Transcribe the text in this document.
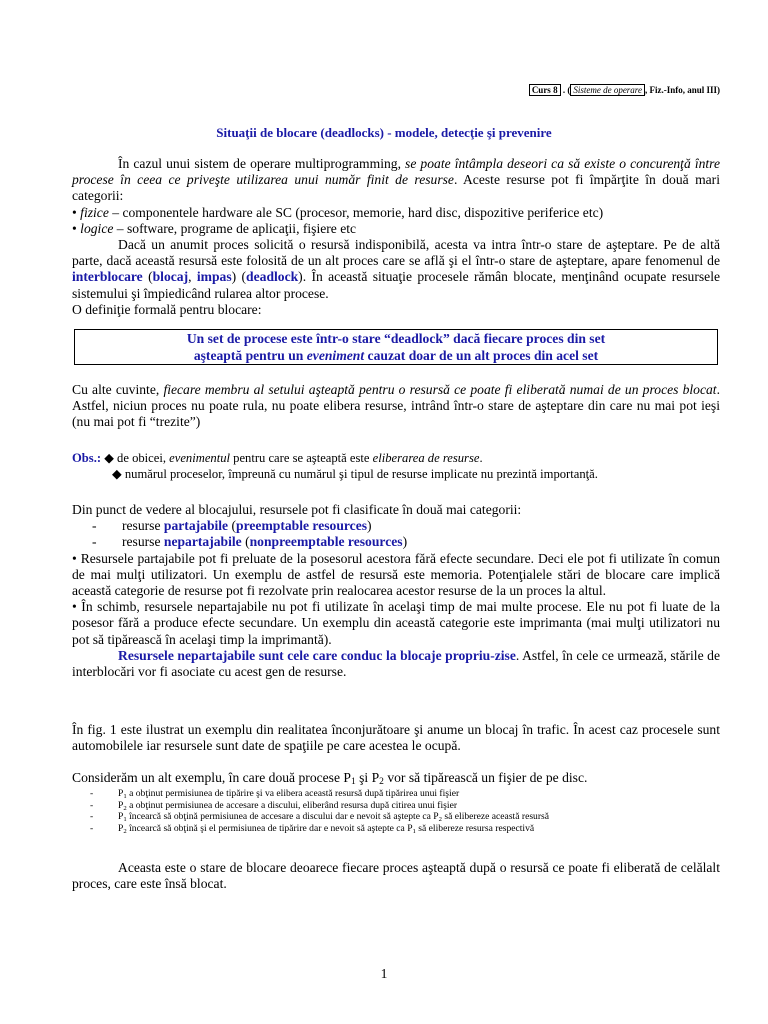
Curs 8 . ( Sisteme de operare , Fiz.-Info, anul III)
Situaţii de blocare (deadlocks) - modele, detecţie şi prevenire
În cazul unui sistem de operare multiprogramming, se poate întâmpla deseori ca să existe o concurenţă între procese în ceea ce priveşte utilizarea unui număr finit de resurse. Aceste resurse pot fi împărţite în două mari categorii:
• fizice – componentele hardware ale SC (procesor, memorie, hard disc, dispozitive periferice etc)
• logice – software, programe de aplicaţii, fişiere etc
Dacă un anumit proces solicită o resursă indisponibilă, acesta va intra într-o stare de aşteptare. Pe de altă parte, dacă această resursă este folosită de un alt proces care se află şi el într-o stare de aşteptare, apare fenomenul de interblocare (blocaj, impas) (deadlock). În această situaţie procesele rămân blocate, menţinând ocupate resursele sistemului şi împiedicând rularea altor procese.
O definiţie formală pentru blocare:
Un set de procese este într-o stare “deadlock” dacă fiecare proces din set
aşteaptă pentru un eveniment cauzat doar de un alt proces din acel set
Cu alte cuvinte, fiecare membru al setului aşteaptă pentru o resursă ce poate fi eliberată numai de un proces blocat. Astfel, niciun proces nu poate rula, nu poate elibera resurse, intrând într-o stare de aşteptare din care nu mai pot ieşi (nu mai pot fi “trezite”)
Obs.: ◆ de obicei, evenimentul pentru care se aşteaptă este eliberarea de resurse.
◆ numărul proceselor, împreună cu numărul şi tipul de resurse implicate nu prezintă importanţă.
Din punct de vedere al blocajului, resursele pot fi clasificate în două mai categorii:
- resurse partajabile (preemptable resources)
- resurse nepartajabile (nonpreemptable resources)
• Resursele partajabile pot fi preluate de la posesorul acestora fără efecte secundare. Deci ele pot fi utilizate în comun de mai mulţi utilizatori. Un exemplu de astfel de resursă este memoria. Potenţialele stări de blocare care implică această categorie de resurse pot fi rezolvate prin realocarea acestor resurse de la un proces la altul.
• În schimb, resursele nepartajabile nu pot fi utilizate în acelaşi timp de mai multe procese. Ele nu pot fi luate de la posesor fără a produce efecte secundare. Un exemplu din această categorie este imprimanta (mai mulţi utilizatori nu pot să tipărească în acelaşi timp la imprimantă).
Resursele nepartajabile sunt cele care conduc la blocaje propriu-zise. Astfel, în cele ce urmează, stările de interblocări vor fi asociate cu acest gen de resurse.
În fig. 1 este ilustrat un exemplu din realitatea înconjurătoare şi anume un blocaj în trafic. În acest caz procesele sunt automobilele iar resursele sunt date de spaţiile pe care acestea le ocupă.
Considerăm un alt exemplu, în care două procese $P_1$ şi $P_2$ vor să tipărească un fişier de pe disc.
-	$P_1$ a obţinut permisiunea de tipărire şi va elibera această resursă după tipărirea unui fişier
-	$P_2$ a obţinut permisiunea de accesare a discului, eliberând resursa după citirea unui fişier
-	$P_1$ încearcă să obţină permisiunea de accesare a discului dar e nevoit să aştepte ca $P_2$ să elibereze această resursă
-	$P_2$ încearcă să obţină şi el permisiunea de tipărire dar e nevoit să aştepte ca $P_1$ să elibereze resursa respectivă
Aceasta este o stare de blocare deoarece fiecare proces aşteaptă după o resursă ce poate fi eliberată de celălalt proces, care este însă blocat.
1
